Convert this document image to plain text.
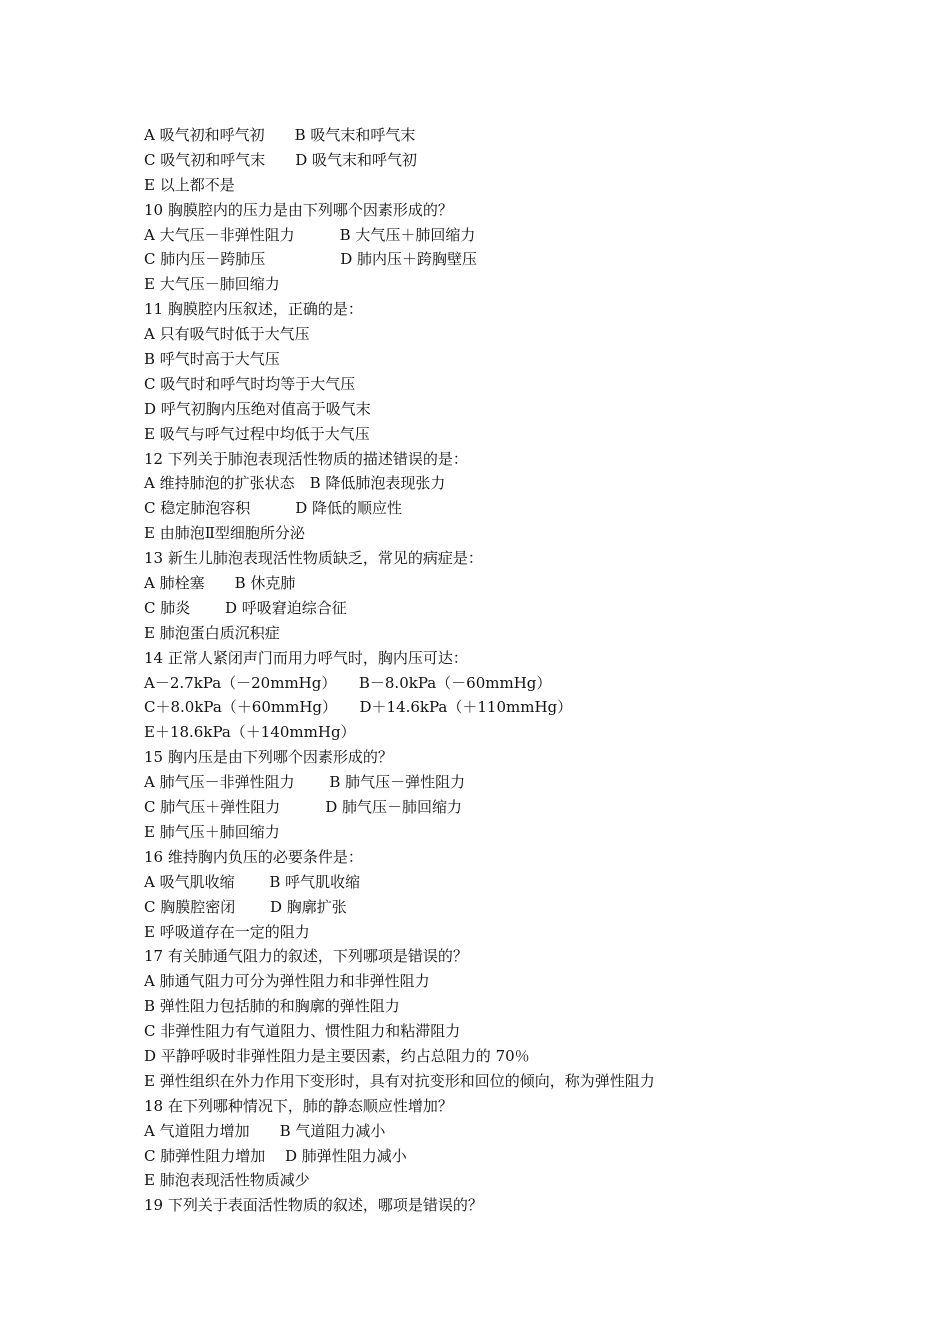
A 吸气初和呼气初　　B 吸气末和呼气末
C 吸气初和呼气末　　D 吸气末和呼气初
E 以上都不是
10 胸膜腔内的压力是由下列哪个因素形成的？
A 大气压－非弹性阻力　　　B 大气压＋肺回缩力
C 肺内压－跨肺压　　　　　D 肺内压＋跨胸壁压
E 大气压－肺回缩力
11 胸膜腔内压叙述，正确的是：
A 只有吸气时低于大气压
B 呼气时高于大气压
C 吸气时和呼气时均等于大气压
D 呼气初胸内压绝对值高于吸气末
E 吸气与呼气过程中均低于大气压
12 下列关于肺泡表现活性物质的描述错误的是：
A 维持肺泡的扩张状态　B 降低肺泡表现张力
C 稳定肺泡容积　　　D 降低的顺应性
E 由肺泡Ⅱ型细胞所分泌
13 新生儿肺泡表现活性物质缺乏，常见的病症是：
A 肺栓塞　　B 休克肺
C 肺炎　　 D 呼吸窘迫综合征
E 肺泡蛋白质沉积症
14 正常人紧闭声门而用力呼气时，胸内压可达：
A－2.7kPa（－20mmHg）　　B－8.0kPa（－60mmHg）
C＋8.0kPa（＋60mmHg）　　D＋14.6kPa（＋110mmHg）
E＋18.6kPa（＋140mmHg）
15 胸内压是由下列哪个因素形成的？
A 肺气压－非弹性阻力　　 B 肺气压－弹性阻力
C 肺气压＋弹性阻力　　　D 肺气压－肺回缩力
E 肺气压＋肺回缩力
16 维持胸内负压的必要条件是：
A 吸气肌收缩　　 B 呼气肌收缩
C 胸膜腔密闭　　 D 胸廓扩张
E 呼吸道存在一定的阻力
17 有关肺通气阻力的叙述，下列哪项是错误的？
A 肺通气阻力可分为弹性阻力和非弹性阻力
B 弹性阻力包括肺的和胸廓的弹性阻力
C 非弹性阻力有气道阻力、惯性阻力和粘滞阻力
D 平静呼吸时非弹性阻力是主要因素，约占总阻力的 70％
E 弹性组织在外力作用下变形时，具有对抗变形和回位的倾向，称为弹性阻力
18 在下列哪种情况下，肺的静态顺应性增加？
A 气道阻力增加　　B 气道阻力减小
C 肺弹性阻力增加　 D 肺弹性阻力减小
E 肺泡表现活性物质减少
19 下列关于表面活性物质的叙述，哪项是错误的？
